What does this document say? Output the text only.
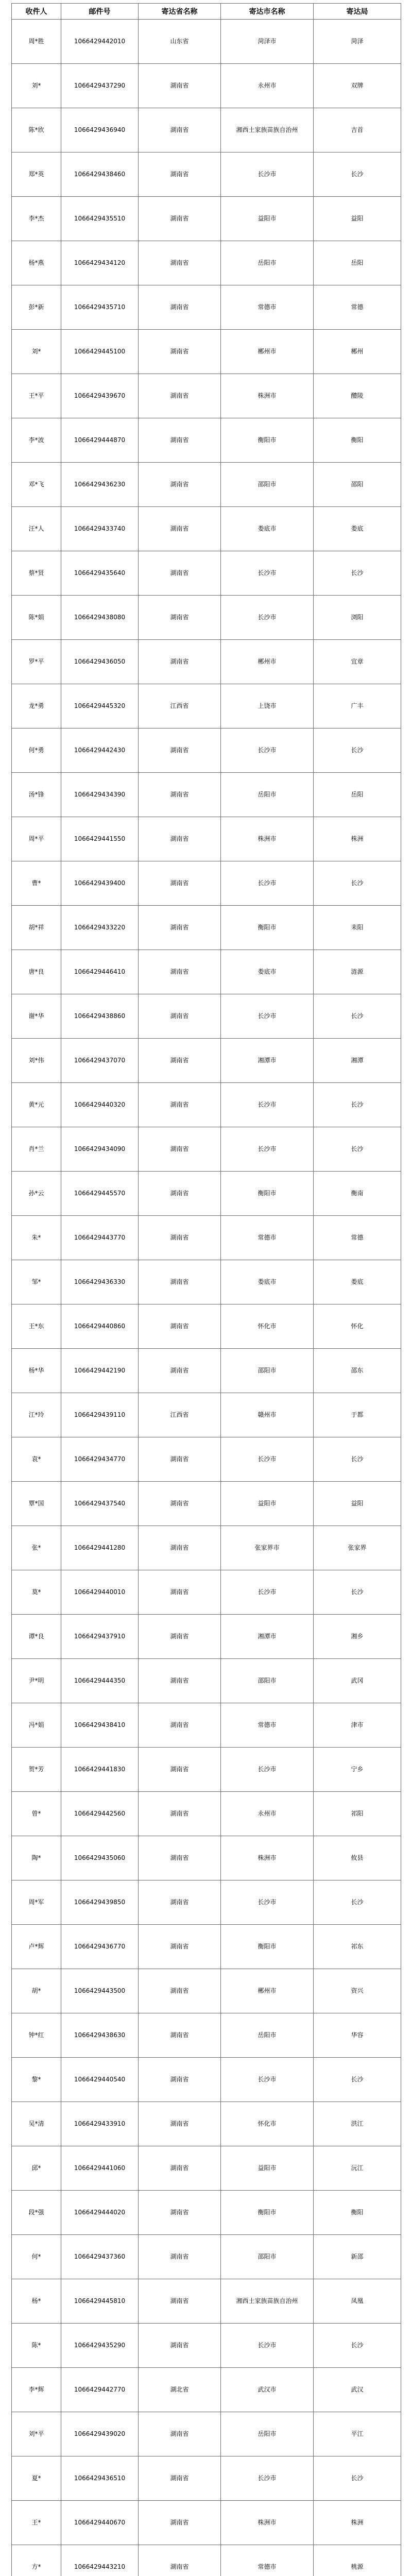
收件人	邮件号	寄达省名称	寄达市名称	寄达局
周*胜	1066429442010	山东省	菏泽市	菏泽
刘*	1066429437290	湖南省	永州市	双牌
陈*欣	1066429436940	湖南省	湘西土家族苗族自治州	吉首
郑*英	1066429438460	湖南省	长沙市	长沙
李*杰	1066429435510	湖南省	益阳市	益阳
杨*燕	1066429434120	湖南省	岳阳市	岳阳
彭*新	1066429435710	湖南省	常德市	常德
刘*	1066429445100	湖南省	郴州市	郴州
王*平	1066429439670	湖南省	株洲市	醴陵
李*波	1066429444870	湖南省	衡阳市	衡阳
邓*飞	1066429436230	湖南省	邵阳市	邵阳
汪*人	1066429433740	湖南省	娄底市	娄底
蔡*贤	1066429435640	湖南省	长沙市	长沙
陈*娟	1066429438080	湖南省	长沙市	浏阳
罗*平	1066429436050	湖南省	郴州市	宜章
龙*勇	1066429445320	江西省	上饶市	广丰
何*勇	1066429442430	湖南省	长沙市	长沙
汤*锋	1066429434390	湖南省	岳阳市	岳阳
周*平	1066429441550	湖南省	株洲市	株洲
曹*	1066429439400	湖南省	长沙市	长沙
胡*祥	1066429433220	湖南省	衡阳市	耒阳
唐*良	1066429446410	湖南省	娄底市	涟源
谢*华	1066429438860	湖南省	长沙市	长沙
刘*伟	1066429437070	湖南省	湘潭市	湘潭
黄*元	1066429440320	湖南省	长沙市	长沙
肖*兰	1066429434090	湖南省	长沙市	长沙
孙*云	1066429445570	湖南省	衡阳市	衡南
朱*	1066429443770	湖南省	常德市	常德
邹*	1066429436330	湖南省	娄底市	娄底
王*东	1066429440860	湖南省	怀化市	怀化
杨*华	1066429442190	湖南省	邵阳市	邵东
江*玲	1066429439110	江西省	赣州市	于都
袁*	1066429434770	湖南省	长沙市	长沙
覃*国	1066429437540	湖南省	益阳市	益阳
张*	1066429441280	湖南省	张家界市	张家界
莫*	1066429440010	湖南省	长沙市	长沙
谭*良	1066429437910	湖南省	湘潭市	湘乡
尹*明	1066429444350	湖南省	邵阳市	武冈
冯*娟	1066429438410	湖南省	常德市	津市
贺*芳	1066429441830	湖南省	长沙市	宁乡
曾*	1066429442560	湖南省	永州市	祁阳
陶*	1066429435060	湖南省	株洲市	攸县
周*军	1066429439850	湖南省	长沙市	长沙
卢*辉	1066429436770	湖南省	衡阳市	祁东
胡*	1066429443500	湖南省	郴州市	资兴
钟*红	1066429438630	湖南省	岳阳市	华容
黎*	1066429440540	湖南省	长沙市	长沙
吴*清	1066429433910	湖南省	怀化市	洪江
邱*	1066429441060	湖南省	益阳市	沅江
段*强	1066429444020	湖南省	衡阳市	衡阳
何*	1066429437360	湖南省	邵阳市	新邵
杨*	1066429445810	湖南省	湘西土家族苗族自治州	凤凰
陈*	1066429435290	湖南省	长沙市	长沙
李*辉	1066429442770	湖北省	武汉市	武汉
刘*平	1066429439020	湖南省	岳阳市	平江
夏*	1066429436510	湖南省	长沙市	长沙
王*	1066429440670	湖南省	株洲市	株洲
方*	1066429443210	湖南省	常德市	桃源
